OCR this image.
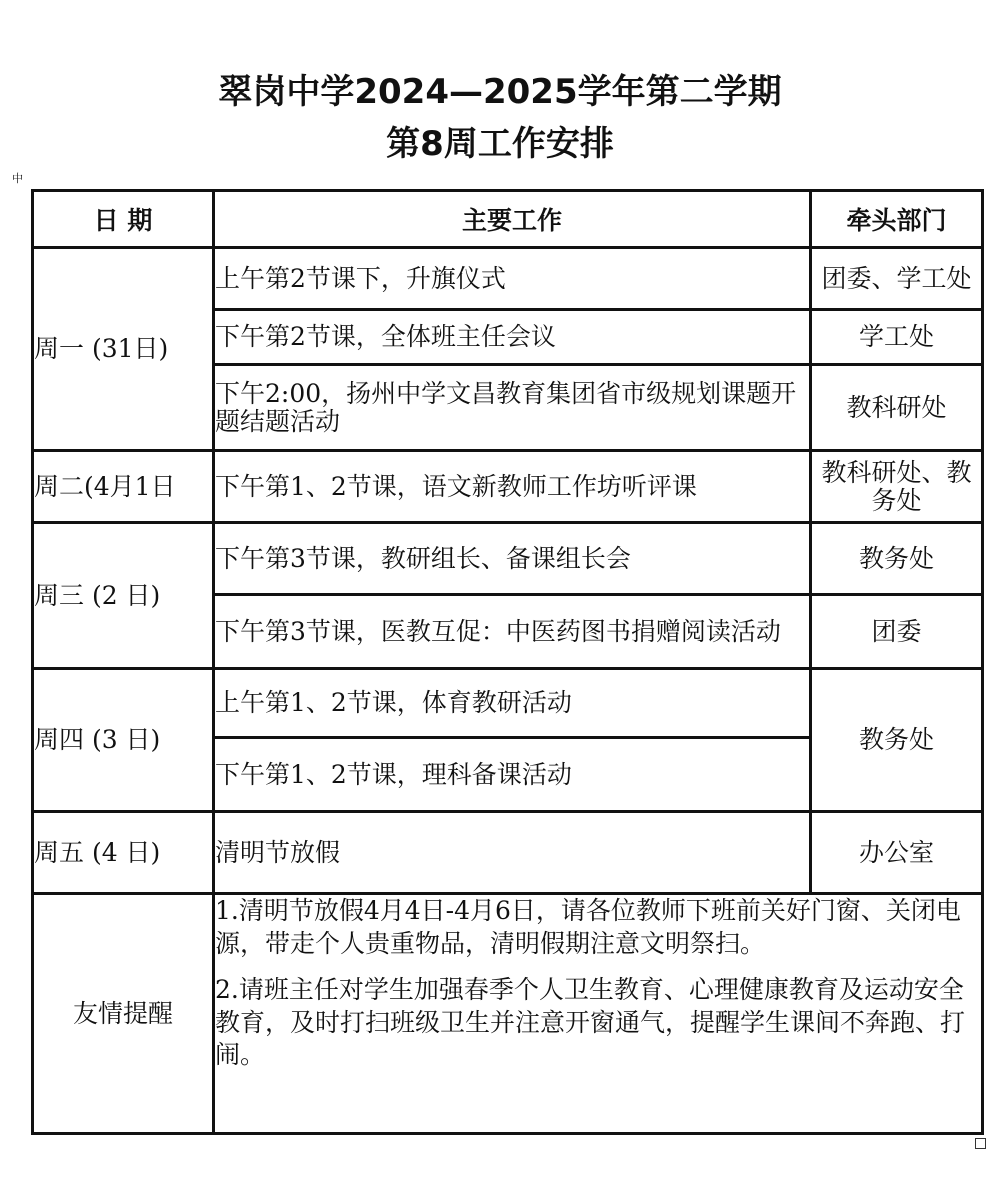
翠岗中学2024—2025学年第二学期
第8周工作安排
中
日 期	主要工作	牵头部门
周一 (31日)	上午第2节课下，升旗仪式	团委、学工处
	下午第2节课，全体班主任会议	学工处
	下午2:00，扬州中学文昌教育集团省市级规划课题开题结题活动	教科研处
周二(4月1日	下午第1、2节课，语文新教师工作坊听评课	教科研处、教务处
周三 (2 日)	下午第3节课，教研组长、备课组长会	教务处
	下午第3节课，医教互促：中医药图书捐赠阅读活动	团委
周四 (3 日)	上午第1、2节课，体育教研活动	教务处
	下午第1、2节课，理科备课活动	
周五 (4 日)	清明节放假	办公室
友情提醒	1.清明节放假4月4日-4月6日，请各位教师下班前关好门窗、关闭电源，带走个人贵重物品，清明假期注意文明祭扫。

2.请班主任对学生加强春季个人卫生教育、心理健康教育及运动安全教育，及时打扫班级卫生并注意开窗通气，提醒学生课间不奔跑、打闹。	
